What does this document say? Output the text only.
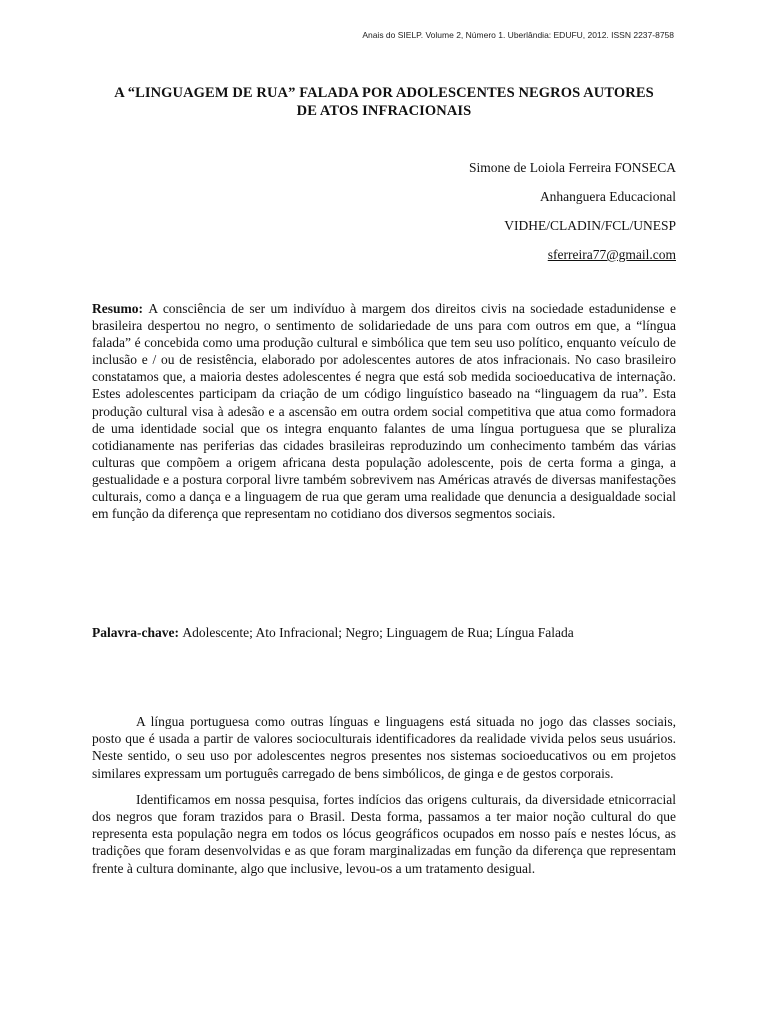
Anais do SIELP. Volume 2, Número 1. Uberlândia: EDUFU, 2012. ISSN 2237-8758
A “LINGUAGEM DE RUA” FALADA POR ADOLESCENTES NEGROS AUTORES
DE ATOS INFRACIONAIS
Simone de Loiola Ferreira FONSECA
Anhanguera Educacional
VIDHE/CLADIN/FCL/UNESP
sferreira77@gmail.com
Resumo: A consciência de ser um indivíduo à margem dos direitos civis na sociedade estadunidense e brasileira despertou no negro, o sentimento de solidariedade de uns para com outros em que, a “língua falada” é concebida como uma produção cultural e simbólica que tem seu uso político, enquanto veículo de inclusão e / ou de resistência, elaborado por adolescentes autores de atos infracionais. No caso brasileiro constatamos que, a maioria destes adolescentes é negra que está sob medida socioeducativa de internação. Estes adolescentes participam da criação de um código linguístico baseado na “linguagem da rua”. Esta produção cultural visa à adesão e a ascensão em outra ordem social competitiva que atua como formadora de uma identidade social que os integra enquanto falantes de uma língua portuguesa que se pluraliza cotidianamente nas periferias das cidades brasileiras reproduzindo um conhecimento também das várias culturas que compõem a origem africana desta população adolescente, pois de certa forma a ginga, a gestualidade e a postura corporal livre também sobrevivem nas Américas através de diversas manifestações culturais, como a dança e a linguagem de rua que geram uma realidade que denuncia a desigualdade social em função da diferença que representam no cotidiano dos diversos segmentos sociais.
Palavra-chave: Adolescente; Ato Infracional; Negro; Linguagem de Rua; Língua Falada

A língua portuguesa como outras línguas e linguagens está situada no jogo das classes sociais, posto que é usada a partir de valores socioculturais identificadores da realidade vivida pelos seus usuários. Neste sentido, o seu uso por adolescentes negros presentes nos sistemas socioeducativos ou em projetos similares expressam um português carregado de bens simbólicos, de ginga e de gestos corporais.

Identificamos em nossa pesquisa, fortes indícios das origens culturais, da diversidade etnicorracial dos negros que foram trazidos para o Brasil. Desta forma, passamos a ter maior noção cultural do que representa esta população negra em todos os lócus geográficos ocupados em nosso país e nestes lócus, as tradições que foram desenvolvidas e as que foram marginalizadas em função da diferença que representam frente à cultura dominante, algo que inclusive, levou-os a um tratamento desigual.
